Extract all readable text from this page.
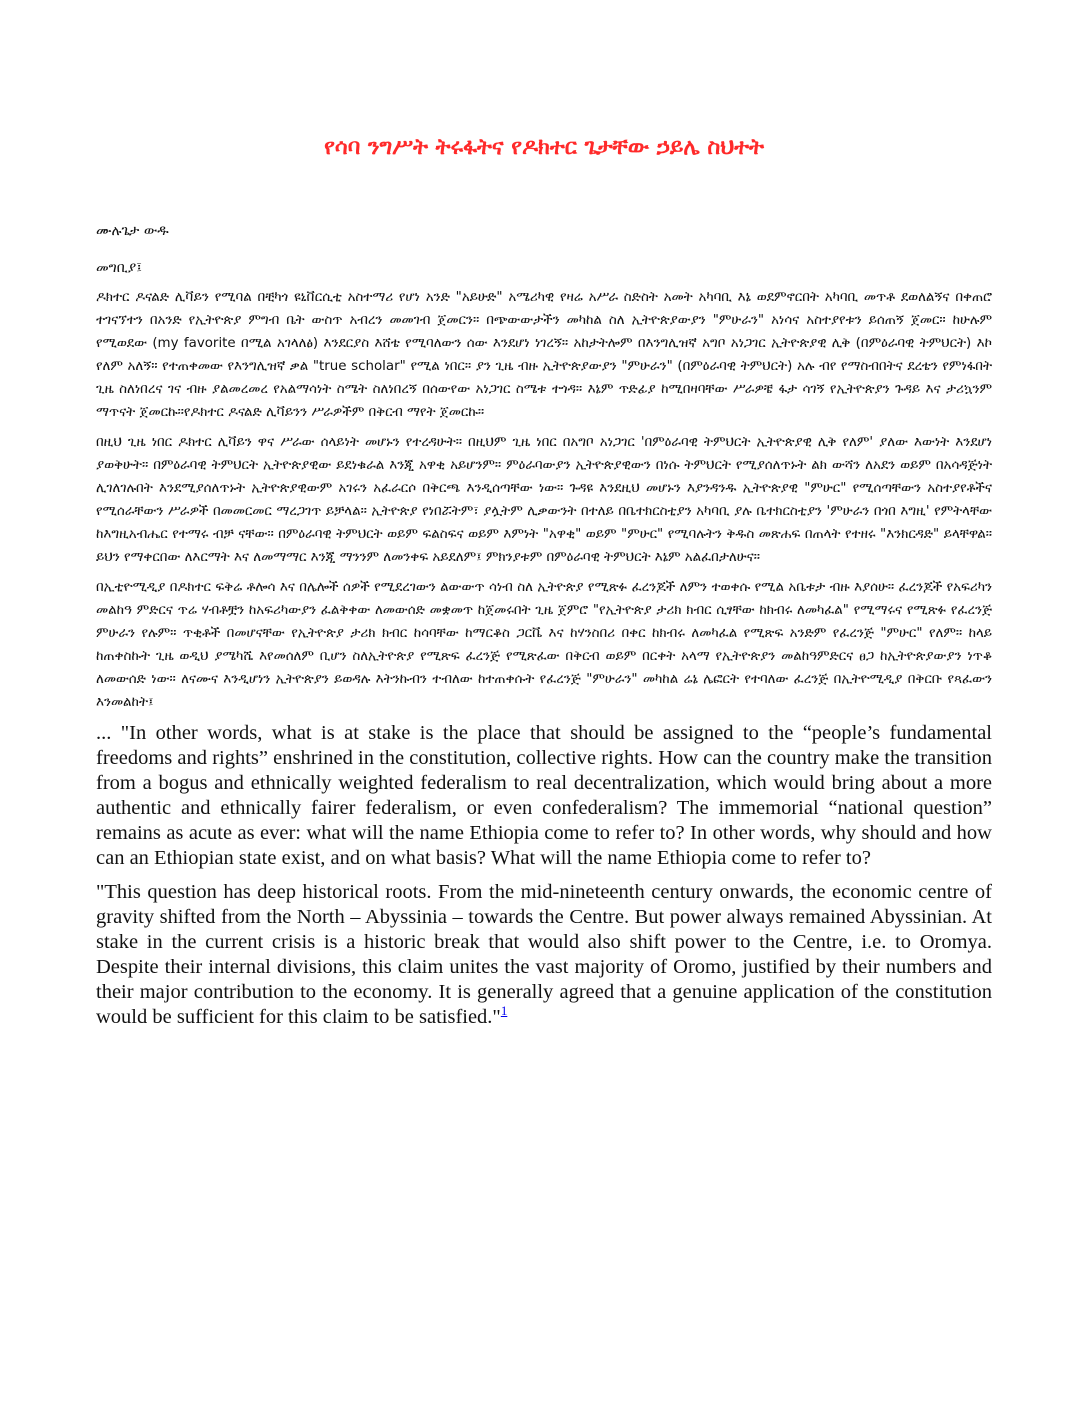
የሳባ ንግሥት ትሩፋትና የዶክተር ጌታቸው ኃይሌ ስህተት

ሙሉጌታ ውዱ

መግቢያ፤

ዶክተር ዶናልድ ሊቫይን የሚባል በቺካጎ ዩኒቨርሲቲ አስተማሪ የሆነ አንድ "አይሁድ" አሜሪካዊ የዛሬ አሥራ ስድስት አመት አካባቢ እኔ ወደምኖርበት አካባቢ መጥቶ ደወለልኝና በቀጠሮ ተገናኘተን በአንድ የኢትዮጵያ ምግብ ቤት ውስጥ አብረን መመገብ ጀመርን። በጭውውታችን መካከል ስለ ኢትዮጵያውያን "ምሁራን" አነሳና አስተያየቱን ይሰጠኝ ጀመር። ከሁሉም የሚወደው (my favorite በሚል አገላለፅ) እንደርያስ እሸቴ የሚባለውን ሰው እንደሆነ ነገረኝ። አከታትሎም በእንግሊዝኛ አግቦ አነጋገር ኢትዮጵያዊ ሊቅ (በምዕራባዊ ትምህርት) እኮ የለም አለኝ። የተጠቀመው የእንግሊዝኛ ቃል "true scholar" የሚል ነበር። ያን ጊዜ ብዙ ኢትዮጵያውያን "ምሁራን" (በምዕራባዊ ትምህርት) አሉ ብየ የማስብበትና ደረቴን የምነፋበት ጊዜ ስለነበረና ገና ብዙ ያልመረመረ የአልማሳነት ስሜት ስለነበረኝ በሰውየው አነጋገር ስሜቱ ተጎዳ። እኔም ጥድፊያ ከሚበዛባቸው ሥራዎቼ ፋታ ሳገኝ የኢትዮጵያን ጉዳይ እና ታሪኳንም ማጥናት ጀመርኩ።የዶክተር ዶናልድ ሊቫይንን ሥራዎችም በቅርብ ማየት ጀመርኩ።

በዚህ ጊዜ ነበር ዶክተር ሊቫይን ዋና ሥራው ሰላይነት መሆኑን የተረዳሁት። በዚህም ጊዜ ነበር በአግቦ አነጋገር 'በምዕራባዊ ትምህርት ኢትዮጵያዊ ሊቅ የለም' ያለው እውነት እንደሆነ ያወቅሁት። በምዕራባዊ ትምህርት ኢትዮጵያዊው ይደነቁራል እንጂ አዋቂ አይሆንም። ምዕራባውያን ኢትዮጵያዊውን በነሱ ትምህርት የሚያሰለጥኑት ልክ ውሻን ለአደን ወይም በአሳዳጅነት ሊገለገሉበት እንደሚያሰለጥኑት ኢትዮጵያዊውም አገሩን አፈራርሶ በቅርጫ እንዲሰጣቸው ነው። ጉዳዩ እንደዚህ መሆኑን እያንዳንዱ ኢትዮጵያዊ "ምሁር" የሚሰጣቸውን አስተያየቶችና የሚሰራቸውን ሥራዎች በመመርመር ማረጋገጥ ይቻላል። ኢትዮጵያ የነበሯትም፣ ያሏትም ሊቃውንት በተለይ በቤተክርስቲያን አካባቢ ያሉ ቤተክርስቲያን 'ምሁራን በጎበ እግዚ' የምትላቸው ከእግዚአብሔር የተማሩ ብቻ ናቸው። በምዕራባዊ ትምህርት ወይም ፍልስፍና ወይም እምነት "አዋቂ" ወይም "ምሁር" የሚባሉትን ቅዱስ መጽሐፍ በጠላት የተዘሩ "እንክርዳድ" ይላቸዋል። ይህን የማቀርበው ለእርማት እና ለመማማር እንጂ ማንንም ለመንቀፍ አይደለም፤ ምክንያቱም በምዕራባዊ ትምህርት እኔም አልፈበታለሁና።

በኢቲዮሚዲያ በዶክተር ፍቅሬ ቶሎሳ እና በሌሎች ሰዎች የሚደረገውን ልውውጥ ሳነብ ስለ ኢትዮጵያ የሚጽፉ ፈረንጆች ለምን ተወቀሱ የሚል አቤቱታ ብዙ እያሰሁ። ፈረንጆች የአፍሪካን መልከዓ ምድርና ጥሬ ሃብቶቿን ከአፍሪካውያን ፈልቅቀው ለመውሰድ መቋመጥ ከጀመሩበት ጊዜ ጀምሮ "የኢትዮጵያ ታሪክ ክብር ሲፃቸው ከክብሩ ለመካፈል" የሚማሩና የሚጽፉ የፈረንጅ ምሁራን የሉም። ጥቂቶች በመሆናቸው የኢትዮጵያ ታሪክ ክብር ከሳባቸው ከማርቆስ ጋርቬ እና ከሃንስበሪ በቀር ከክብሩ ለመካፈል የሚጽፍ አንድም የፈረንጅ "ምሁር" የለም። ከላይ ከጠቀስኩት ጊዜ ወዲህ ያሜካሼ እየመሰለም ቢሆን ስለኢትዮጵያ የሚጽፍ ፈረንጅ የሚጽፈው በቅርብ ወይም በርቀት አላማ የኢትዮጵያን መልከዓምድርና ፀጋ ከኢትዮጵያውያን ነጥቆ ለመውሰድ ነው። ለናሙና እንዲሆነን ኢትዮጵያን ይወዳሉ እትንኩብን ተብለው ከተጠቀሱት የፈረንጅ "ምሁራን" መካከል ሬኔ ሌፎርት የተባለው ፈረንጅ በኢትዮሚዲያ በቅርቡ የጻፈውን እንመልከት፤

... "In other words, what is at stake is the place that should be assigned to the “people’s fundamental freedoms and rights” enshrined in the constitution, collective rights. How can the country make the transition from a bogus and ethnically weighted federalism to real decentralization, which would bring about a more authentic and ethnically fairer federalism, or even confederalism? The immemorial “national question” remains as acute as ever: what will the name Ethiopia come to refer to? In other words, why should and how can an Ethiopian state exist, and on what basis? What will the name Ethiopia come to refer to?

"This question has deep historical roots. From the mid-nineteenth century onwards, the economic centre of gravity shifted from the North – Abyssinia – towards the Centre. But power always remained Abyssinian. At stake in the current crisis is a historic break that would also shift power to the Centre, i.e. to Oromya. Despite their internal divisions, this claim unites the vast majority of Oromo, justified by their numbers and their major contribution to the economy. It is generally agreed that a genuine application of the constitution would be sufficient for this claim to be satisfied."$^1$
